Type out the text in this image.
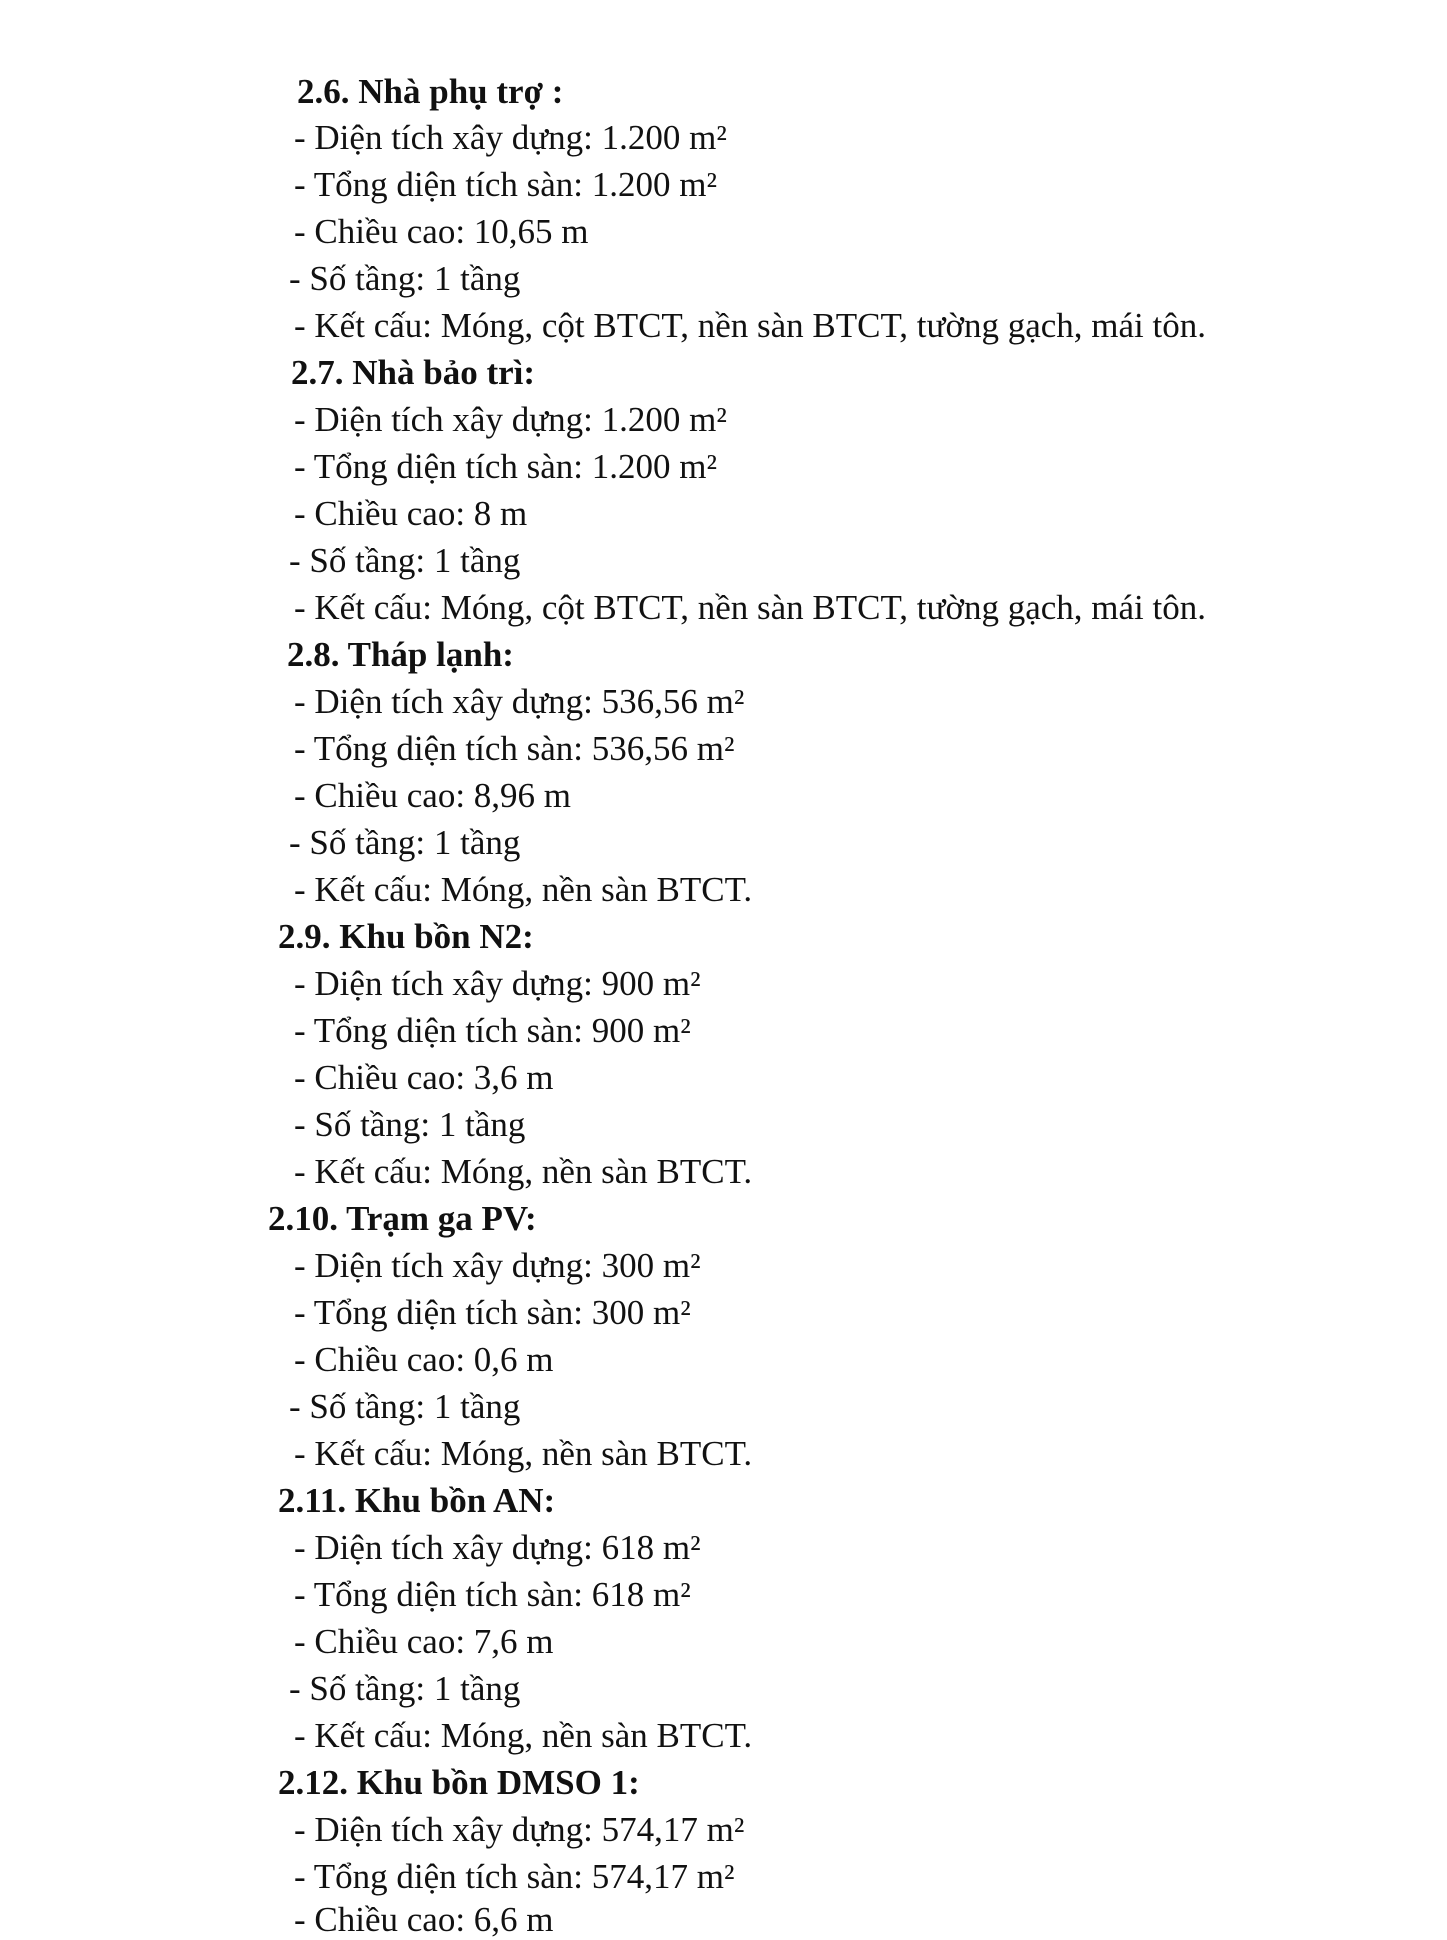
2.6. Nhà phụ trợ :
- Diện tích xây dựng: 1.200 m²
- Tổng diện tích sàn: 1.200 m²
- Chiều cao: 10,65 m
- Số tầng: 1 tầng
- Kết cấu: Móng, cột BTCT, nền sàn BTCT, tường gạch, mái tôn.
2.7. Nhà bảo trì:
- Diện tích xây dựng: 1.200 m²
- Tổng diện tích sàn: 1.200 m²
- Chiều cao: 8 m
- Số tầng: 1 tầng
- Kết cấu: Móng, cột BTCT, nền sàn BTCT, tường gạch, mái tôn.
2.8. Tháp lạnh:
- Diện tích xây dựng: 536,56 m²
- Tổng diện tích sàn: 536,56 m²
- Chiều cao: 8,96 m
- Số tầng: 1 tầng
- Kết cấu: Móng, nền sàn BTCT.
2.9. Khu bồn N2:
- Diện tích xây dựng: 900 m²
- Tổng diện tích sàn: 900 m²
- Chiều cao: 3,6 m
- Số tầng: 1 tầng
- Kết cấu: Móng, nền sàn BTCT.
2.10. Trạm ga PV:
- Diện tích xây dựng: 300 m²
- Tổng diện tích sàn: 300 m²
- Chiều cao: 0,6 m
- Số tầng: 1 tầng
- Kết cấu: Móng, nền sàn BTCT.
2.11. Khu bồn AN:
- Diện tích xây dựng: 618 m²
- Tổng diện tích sàn: 618 m²
- Chiều cao: 7,6 m
- Số tầng: 1 tầng
- Kết cấu: Móng, nền sàn BTCT.
2.12. Khu bồn DMSO 1:
- Diện tích xây dựng: 574,17 m²
- Tổng diện tích sàn: 574,17 m²
- Chiều cao: 6,6 m
